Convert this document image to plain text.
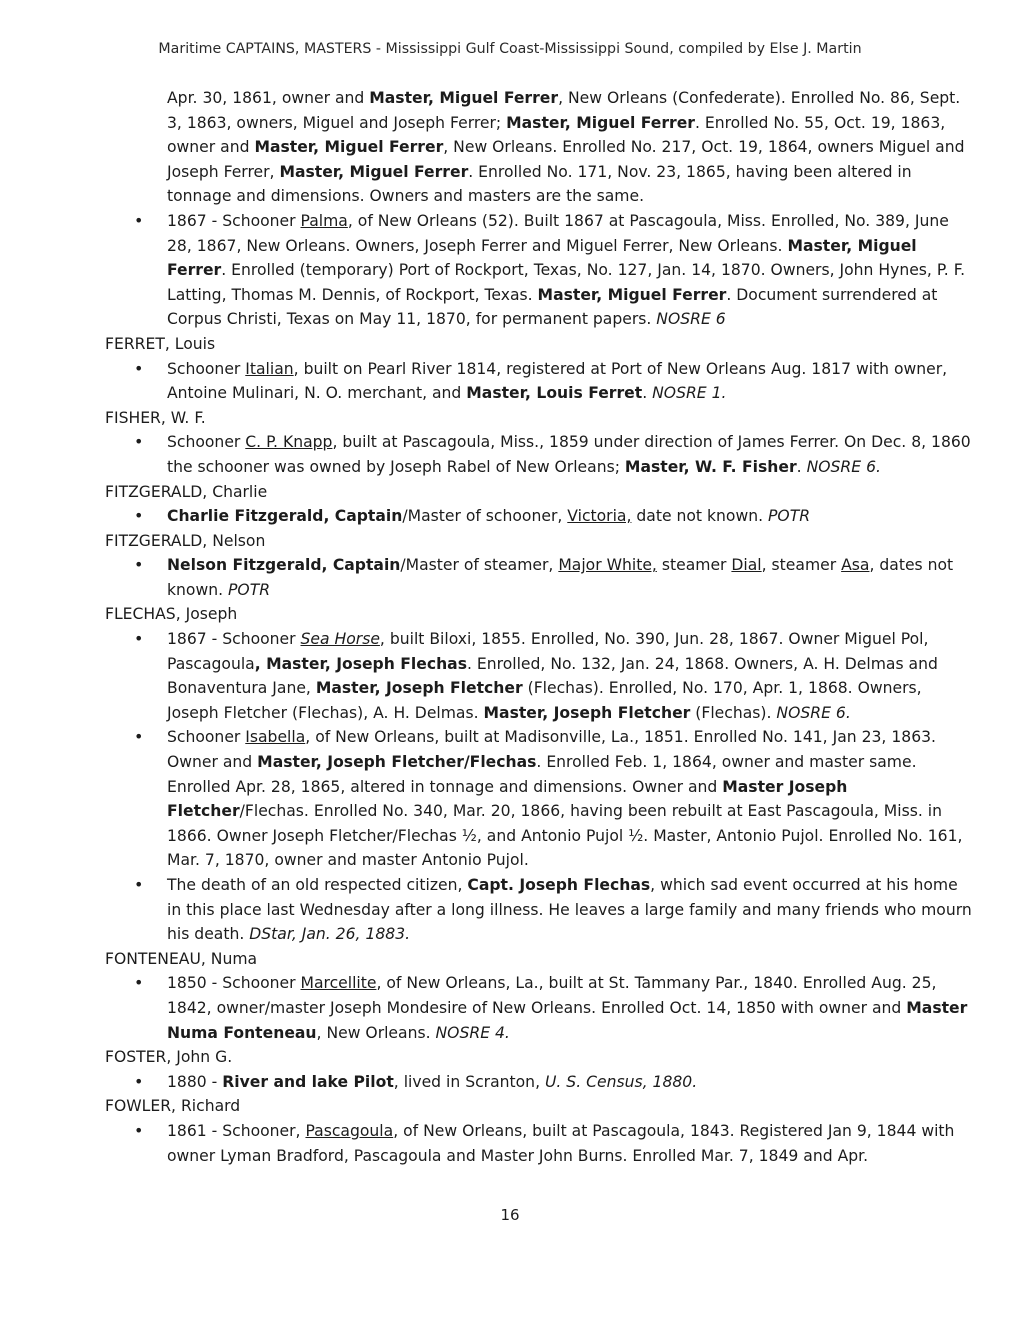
Maritime CAPTAINS, MASTERS - Mississippi Gulf Coast-Mississippi Sound, compiled by Else J. Martin

Apr. 30, 1861, owner and Master, Miguel Ferrer, New Orleans (Confederate). Enrolled No. 86, Sept. 3, 1863, owners, Miguel and Joseph Ferrer; Master, Miguel Ferrer. Enrolled No. 55, Oct. 19, 1863, owner and Master, Miguel Ferrer, New Orleans. Enrolled No. 217, Oct. 19, 1864, owners Miguel and Joseph Ferrer, Master, Miguel Ferrer. Enrolled No. 171, Nov. 23, 1865, having been altered in tonnage and dimensions. Owners and masters are the same.

• 1867 - Schooner Palma, of New Orleans (52). Built 1867 at Pascagoula, Miss. Enrolled, No. 389, June 28, 1867, New Orleans. Owners, Joseph Ferrer and Miguel Ferrer, New Orleans. Master, Miguel Ferrer. Enrolled (temporary) Port of Rockport, Texas, No. 127, Jan. 14, 1870. Owners, John Hynes, P. F. Latting, Thomas M. Dennis, of Rockport, Texas. Master, Miguel Ferrer. Document surrendered at Corpus Christi, Texas on May 11, 1870, for permanent papers. NOSRE 6
FERRET, Louis
• Schooner Italian, built on Pearl River 1814, registered at Port of New Orleans Aug. 1817 with owner, Antoine Mulinari, N. O. merchant, and Master, Louis Ferret. NOSRE 1.
FISHER, W. F.
• Schooner C. P. Knapp, built at Pascagoula, Miss., 1859 under direction of James Ferrer. On Dec. 8, 1860 the schooner was owned by Joseph Rabel of New Orleans; Master, W. F. Fisher. NOSRE 6.
FITZGERALD, Charlie
• Charlie Fitzgerald, Captain/Master of schooner, Victoria, date not known. POTR
FITZGERALD, Nelson
• Nelson Fitzgerald, Captain/Master of steamer, Major White, steamer Dial, steamer Asa, dates not known. POTR
FLECHAS, Joseph
• 1867 - Schooner Sea Horse, built Biloxi, 1855. Enrolled, No. 390, Jun. 28, 1867. Owner Miguel Pol, Pascagoula, Master, Joseph Flechas. Enrolled, No. 132, Jan. 24, 1868. Owners, A. H. Delmas and Bonaventura Jane, Master, Joseph Fletcher (Flechas). Enrolled, No. 170, Apr. 1, 1868. Owners, Joseph Fletcher (Flechas), A. H. Delmas. Master, Joseph Fletcher (Flechas). NOSRE 6.
• Schooner Isabella, of New Orleans, built at Madisonville, La., 1851. Enrolled No. 141, Jan 23, 1863. Owner and Master, Joseph Fletcher/Flechas. Enrolled Feb. 1, 1864, owner and master same. Enrolled Apr. 28, 1865, altered in tonnage and dimensions. Owner and Master Joseph Fletcher/Flechas. Enrolled No. 340, Mar. 20, 1866, having been rebuilt at East Pascagoula, Miss. in 1866. Owner Joseph Fletcher/Flechas ½, and Antonio Pujol ½. Master, Antonio Pujol. Enrolled No. 161, Mar. 7, 1870, owner and master Antonio Pujol.
• The death of an old respected citizen, Capt. Joseph Flechas, which sad event occurred at his home in this place last Wednesday after a long illness. He leaves a large family and many friends who mourn his death. DStar, Jan. 26, 1883.
FONTENEAU, Numa
• 1850 - Schooner Marcellite, of New Orleans, La., built at St. Tammany Par., 1840. Enrolled Aug. 25, 1842, owner/master Joseph Mondesire of New Orleans. Enrolled Oct. 14, 1850 with owner and Master Numa Fonteneau, New Orleans. NOSRE 4.
FOSTER, John G.
• 1880 - River and lake Pilot, lived in Scranton, U. S. Census, 1880.
FOWLER, Richard
• 1861 - Schooner, Pascagoula, of New Orleans, built at Pascagoula, 1843. Registered Jan 9, 1844 with owner Lyman Bradford, Pascagoula and Master John Burns. Enrolled Mar. 7, 1849 and Apr.
16
